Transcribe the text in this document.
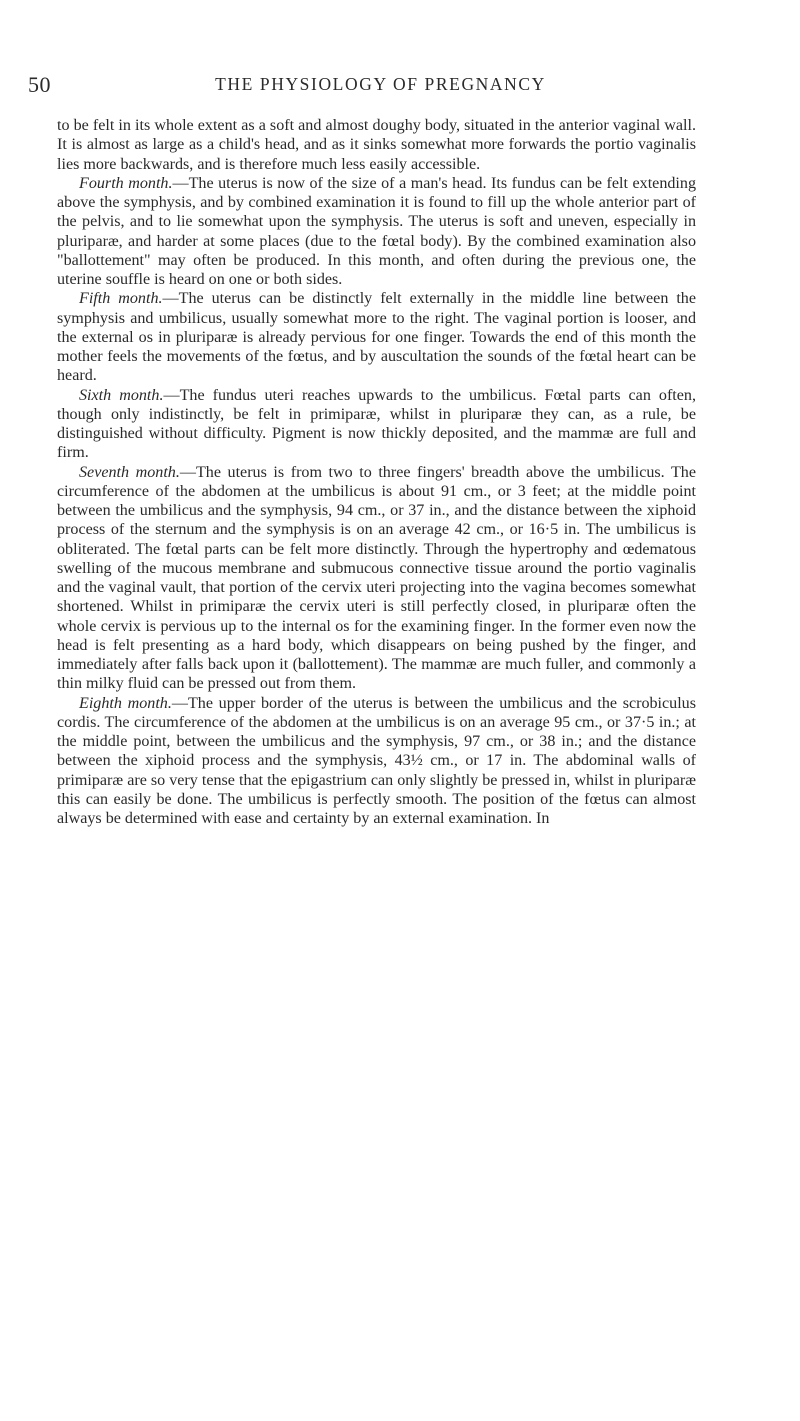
50	THE PHYSIOLOGY OF PREGNANCY

to be felt in its whole extent as a soft and almost doughy body, situated in the anterior vaginal wall. It is almost as large as a child's head, and as it sinks somewhat more forwards the portio vaginalis lies more backwards, and is therefore much less easily accessible.

Fourth month.—The uterus is now of the size of a man's head. Its fundus can be felt extending above the symphysis, and by combined examination it is found to fill up the whole anterior part of the pelvis, and to lie somewhat upon the symphysis. The uterus is soft and uneven, especially in pluriparæ, and harder at some places (due to the fœtal body). By the combined examination also "ballottement" may often be produced. In this month, and often during the previous one, the uterine souffle is heard on one or both sides.

Fifth month.—The uterus can be distinctly felt externally in the middle line between the symphysis and umbilicus, usually somewhat more to the right. The vaginal portion is looser, and the external os in pluriparæ is already pervious for one finger. Towards the end of this month the mother feels the movements of the fœtus, and by auscultation the sounds of the fœtal heart can be heard.

Sixth month.—The fundus uteri reaches upwards to the umbilicus. Fœtal parts can often, though only indistinctly, be felt in primiparæ, whilst in pluriparæ they can, as a rule, be distinguished without difficulty. Pigment is now thickly deposited, and the mammæ are full and firm.

Seventh month.—The uterus is from two to three fingers' breadth above the umbilicus. The circumference of the abdomen at the umbilicus is about 91 cm., or 3 feet; at the middle point between the umbilicus and the symphysis, 94 cm., or 37 in., and the distance between the xiphoid process of the sternum and the symphysis is on an average 42 cm., or 16·5 in. The umbilicus is obliterated. The fœtal parts can be felt more distinctly. Through the hypertrophy and œdematous swelling of the mucous membrane and submucous connective tissue around the portio vaginalis and the vaginal vault, that portion of the cervix uteri projecting into the vagina becomes somewhat shortened. Whilst in primiparæ the cervix uteri is still perfectly closed, in pluriparæ often the whole cervix is pervious up to the internal os for the examining finger. In the former even now the head is felt presenting as a hard body, which disappears on being pushed by the finger, and immediately after falls back upon it (ballottement). The mammæ are much fuller, and commonly a thin milky fluid can be pressed out from them.

Eighth month.—The upper border of the uterus is between the umbilicus and the scrobiculus cordis. The circumference of the abdomen at the umbilicus is on an average 95 cm., or 37·5 in.; at the middle point, between the umbilicus and the symphysis, 97 cm., or 38 in.; and the distance between the xiphoid process and the symphysis, 43½ cm., or 17 in. The abdominal walls of primiparæ are so very tense that the epigastrium can only slightly be pressed in, whilst in pluriparæ this can easily be done. The umbilicus is perfectly smooth. The position of the fœtus can almost always be determined with ease and certainty by an external examination. In
